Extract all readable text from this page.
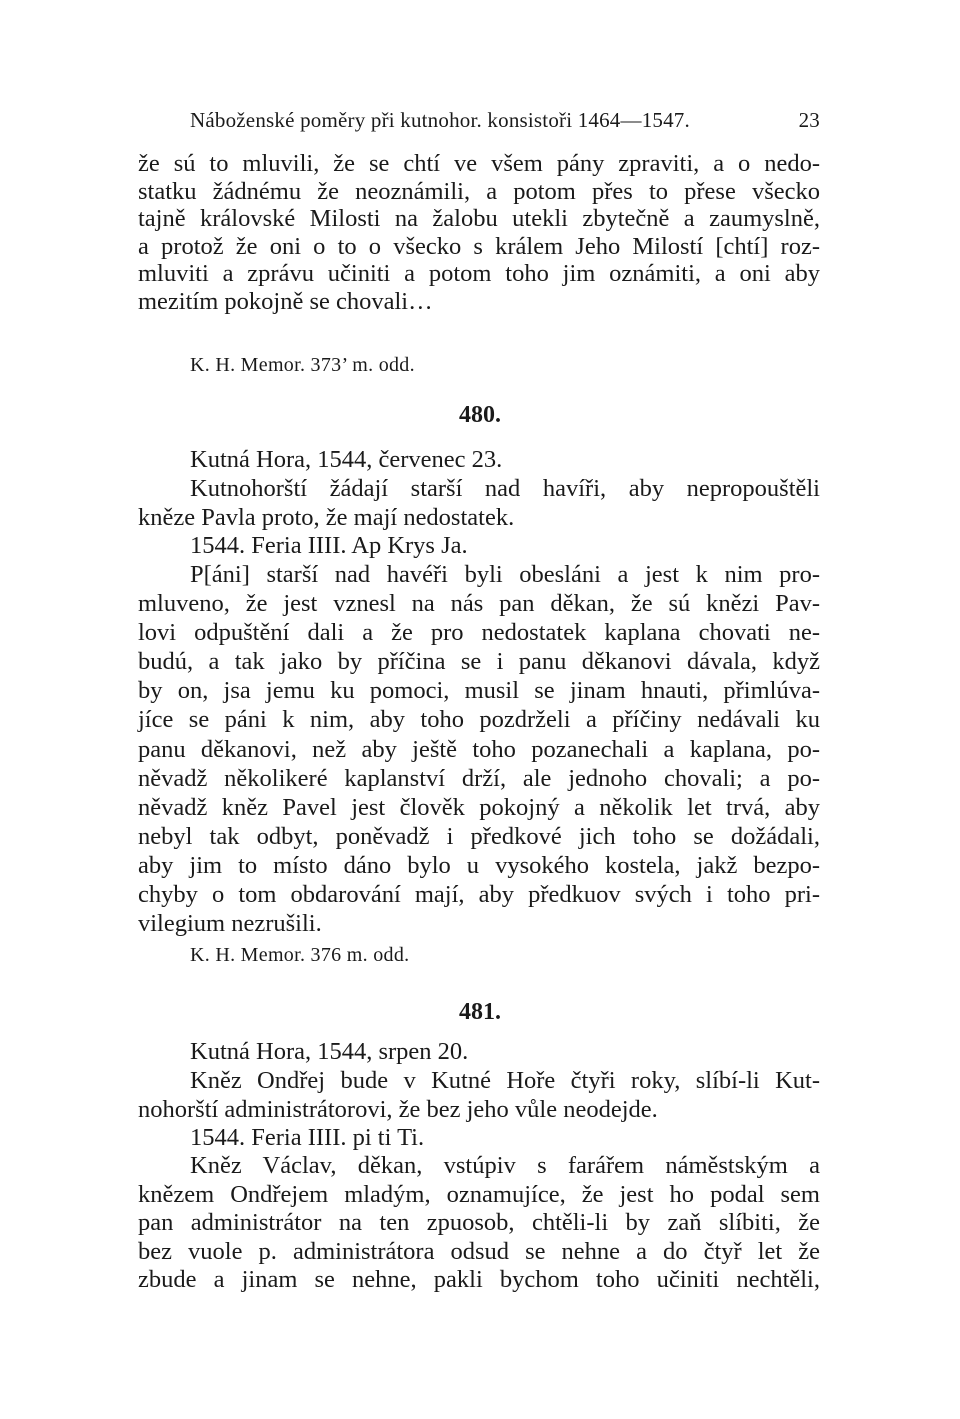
Náboženské poměry při kutnohor. konsistoři 1464—1547.	23

že sú to mluvili, že se chtí ve všem pány zpraviti, a o nedo-
statku žádnému že neoznámili, a potom přes to přese všecko
tajně královské Milosti na žalobu utekli zbytečně a zaumyslně,
a protož že oni o to o všecko s králem Jeho Milostí [chtí] roz-
mluviti a zprávu učiniti a potom toho jim oznámiti, a oni aby
mezitím pokojně se chovali…

K. H. Memor. 373’ m. odd.
480.
Kutná Hora, 1544, červenec 23.

Kutnohorští žádají starší nad havíři, aby nepropouštěli
kněze Pavla proto, že mají nedostatek.

1544. Feria IIII. Ap Krys Ja.

P[áni] starší nad havéři byli obesláni a jest k nim pro-
mluveno, že jest vznesl na nás pan děkan, že sú knězi Pav-
lovi odpuštění dali a že pro nedostatek kaplana chovati ne-
budú, a tak jako by příčina se i panu děkanovi dávala, když
by on, jsa jemu ku pomoci, musil se jinam hnauti, přimlúva-
jíce se páni k nim, aby toho pozdrželi a příčiny nedávali ku
panu děkanovi, než aby ještě toho pozanechali a kaplana, po-
něvadž několikeré kaplanství drží, ale jednoho chovali; a po-
něvadž kněz Pavel jest člověk pokojný a několik let trvá, aby
nebyl tak odbyt, poněvadž i předkové jich toho se dožádali,
aby jim to místo dáno bylo u vysokého kostela, jakž bezpo-
chyby o tom obdarování mají, aby předkuov svých i toho pri-
vilegium nezrušili.

K. H. Memor. 376 m. odd.
481.
Kutná Hora, 1544, srpen 20.

Kněz Ondřej bude v Kutné Hoře čtyři roky, slíbí-li Kut-
nohorští administrátorovi, že bez jeho vůle neodejde.

1544. Feria IIII. pi ti Ti.

Kněz Václav, děkan, vstúpiv s farářem náměstským a
knězem Ondřejem mladým, oznamujíce, že jest ho podal sem
pan administrátor na ten zpuosob, chtěli-li by zaň slíbiti, že
bez vuole p. administrátora odsud se nehne a do čtyř let že
zbude a jinam se nehne, pakli bychom toho učiniti nechtěli,
